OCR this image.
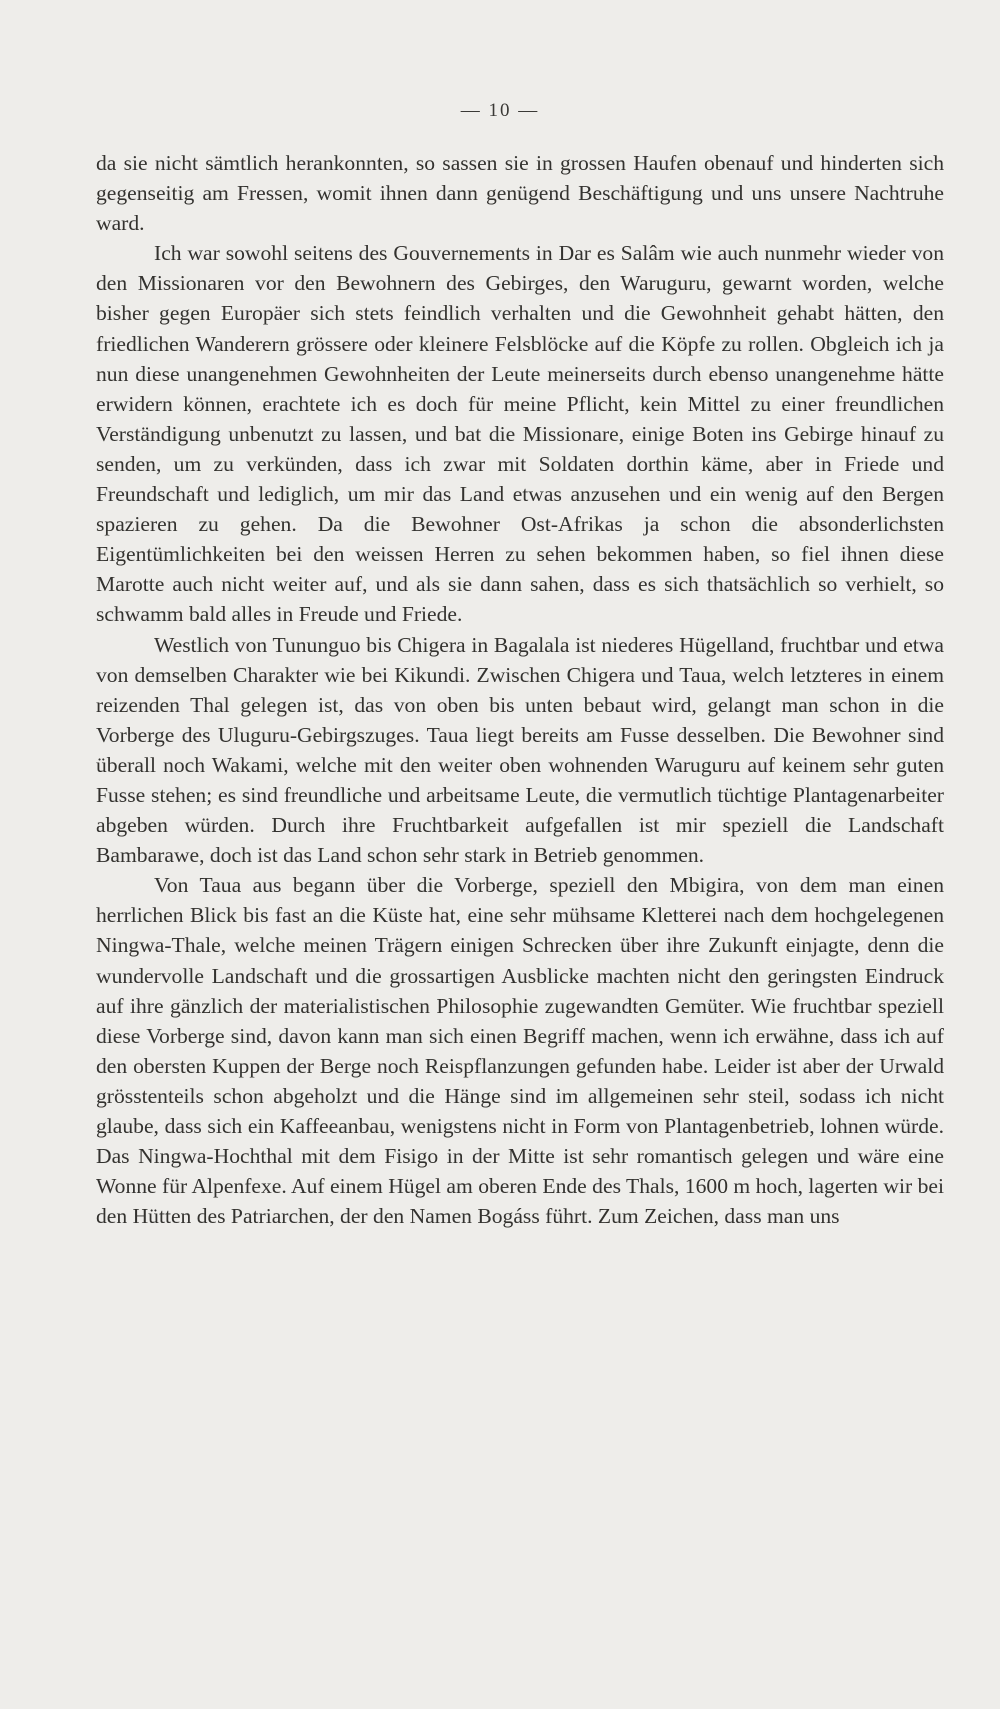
— 10 —

da sie nicht sämtlich herankonnten, so sassen sie in grossen Haufen obenauf und hinderten sich gegenseitig am Fressen, womit ihnen dann genügend Beschäftigung und uns unsere Nachtruhe ward.

Ich war sowohl seitens des Gouvernements in Dar es Salâm wie auch nunmehr wieder von den Missionaren vor den Bewohnern des Gebirges, den Waruguru, gewarnt worden, welche bisher gegen Europäer sich stets feindlich verhalten und die Gewohnheit gehabt hätten, den friedlichen Wanderern grössere oder kleinere Felsblöcke auf die Köpfe zu rollen. Obgleich ich ja nun diese unangenehmen Gewohnheiten der Leute meinerseits durch ebenso unangenehme hätte erwidern können, erachtete ich es doch für meine Pflicht, kein Mittel zu einer freundlichen Verständigung unbenutzt zu lassen, und bat die Missionare, einige Boten ins Gebirge hinauf zu senden, um zu verkünden, dass ich zwar mit Soldaten dorthin käme, aber in Friede und Freundschaft und lediglich, um mir das Land etwas anzusehen und ein wenig auf den Bergen spazieren zu gehen. Da die Bewohner Ost-Afrikas ja schon die absonderlichsten Eigentümlichkeiten bei den weissen Herren zu sehen bekommen haben, so fiel ihnen diese Marotte auch nicht weiter auf, und als sie dann sahen, dass es sich thatsächlich so verhielt, so schwamm bald alles in Freude und Friede.

Westlich von Tununguo bis Chigera in Bagalala ist niederes Hügelland, fruchtbar und etwa von demselben Charakter wie bei Kikundi. Zwischen Chigera und Taua, welch letzteres in einem reizenden Thal gelegen ist, das von oben bis unten bebaut wird, gelangt man schon in die Vorberge des Uluguru-Gebirgszuges. Taua liegt bereits am Fusse desselben. Die Bewohner sind überall noch Wakami, welche mit den weiter oben wohnenden Waruguru auf keinem sehr guten Fusse stehen; es sind freundliche und arbeitsame Leute, die vermutlich tüchtige Plantagenarbeiter abgeben würden. Durch ihre Fruchtbarkeit aufgefallen ist mir speziell die Landschaft Bambarawe, doch ist das Land schon sehr stark in Betrieb genommen.

Von Taua aus begann über die Vorberge, speziell den Mbigira, von dem man einen herrlichen Blick bis fast an die Küste hat, eine sehr mühsame Kletterei nach dem hochgelegenen Ningwa-Thale, welche meinen Trägern einigen Schrecken über ihre Zukunft einjagte, denn die wundervolle Landschaft und die grossartigen Ausblicke machten nicht den geringsten Eindruck auf ihre gänzlich der materialistischen Philosophie zugewandten Gemüter. Wie fruchtbar speziell diese Vorberge sind, davon kann man sich einen Begriff machen, wenn ich erwähne, dass ich auf den obersten Kuppen der Berge noch Reispflanzungen gefunden habe. Leider ist aber der Urwald grösstenteils schon abgeholzt und die Hänge sind im allgemeinen sehr steil, sodass ich nicht glaube, dass sich ein Kaffeeanbau, wenigstens nicht in Form von Plantagenbetrieb, lohnen würde. Das Ningwa-Hochthal mit dem Fisigo in der Mitte ist sehr romantisch gelegen und wäre eine Wonne für Alpenfexe. Auf einem Hügel am oberen Ende des Thals, 1600 m hoch, lagerten wir bei den Hütten des Patriarchen, der den Namen Bogáss führt. Zum Zeichen, dass man uns
